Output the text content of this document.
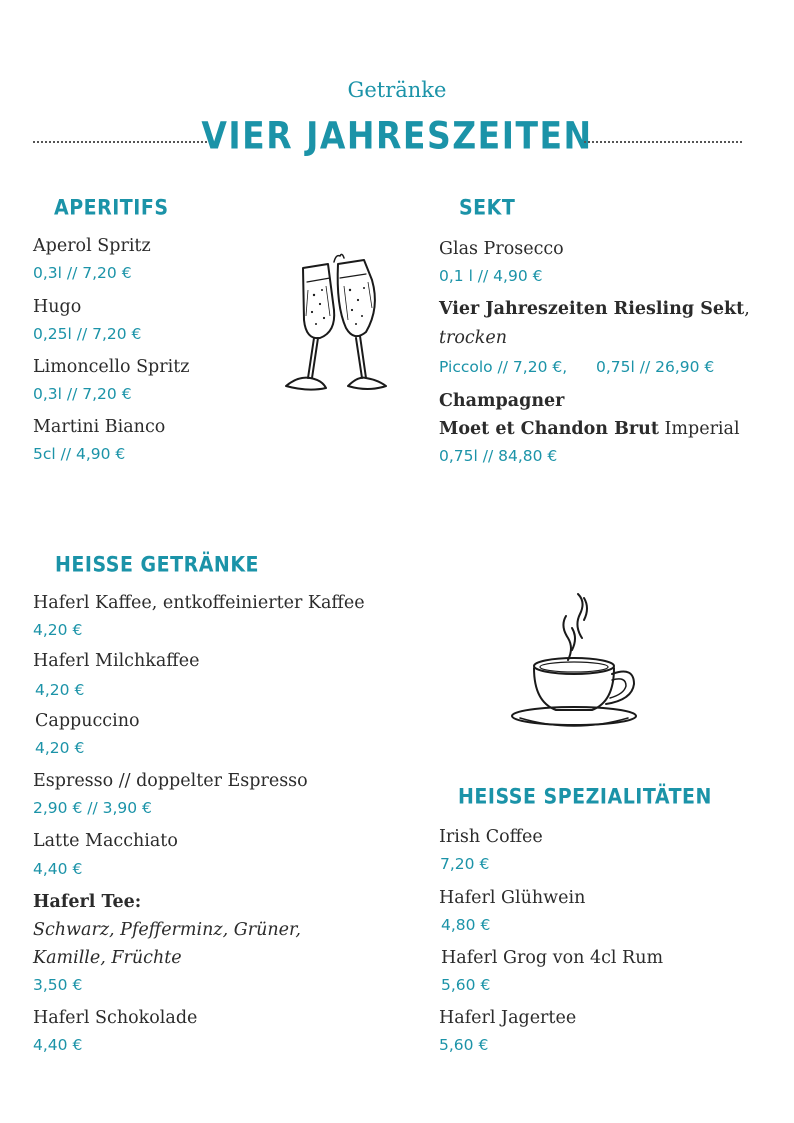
Getränke
VIER JAHRESZEITEN
APERITIFS
Aperol Spritz
0,3l // 7,20 €
Hugo
0,25l // 7,20 €
Limoncello Spritz
0,3l // 7,20 €
Martini Bianco
5cl // 4,90 €
SEKT
Glas Prosecco
0,1 l // 4,90 €
Vier Jahreszeiten Riesling Sekt,
trocken
Piccolo // 7,20 €, 0,75l // 26,90 €
Champagner
Moet et Chandon Brut Imperial
0,75l // 84,80 €
HEISSE GETRÄNKE
Haferl Kaffee, entkoffeinierter Kaffee
4,20 €
Haferl Milchkaffee
4,20 €
Cappuccino
4,20 €
Espresso // doppelter Espresso
2,90 € // 3,90 €
Latte Macchiato
4,40 €
Haferl Tee:
Schwarz, Pfefferminz, Grüner,
Kamille, Früchte
3,50 €
Haferl Schokolade
4,40 €
HEISSE SPEZIALITÄTEN
Irish Coffee
7,20 €
Haferl Glühwein
4,80 €
Haferl Grog von 4cl Rum
5,60 €
Haferl Jagertee
5,60 €
